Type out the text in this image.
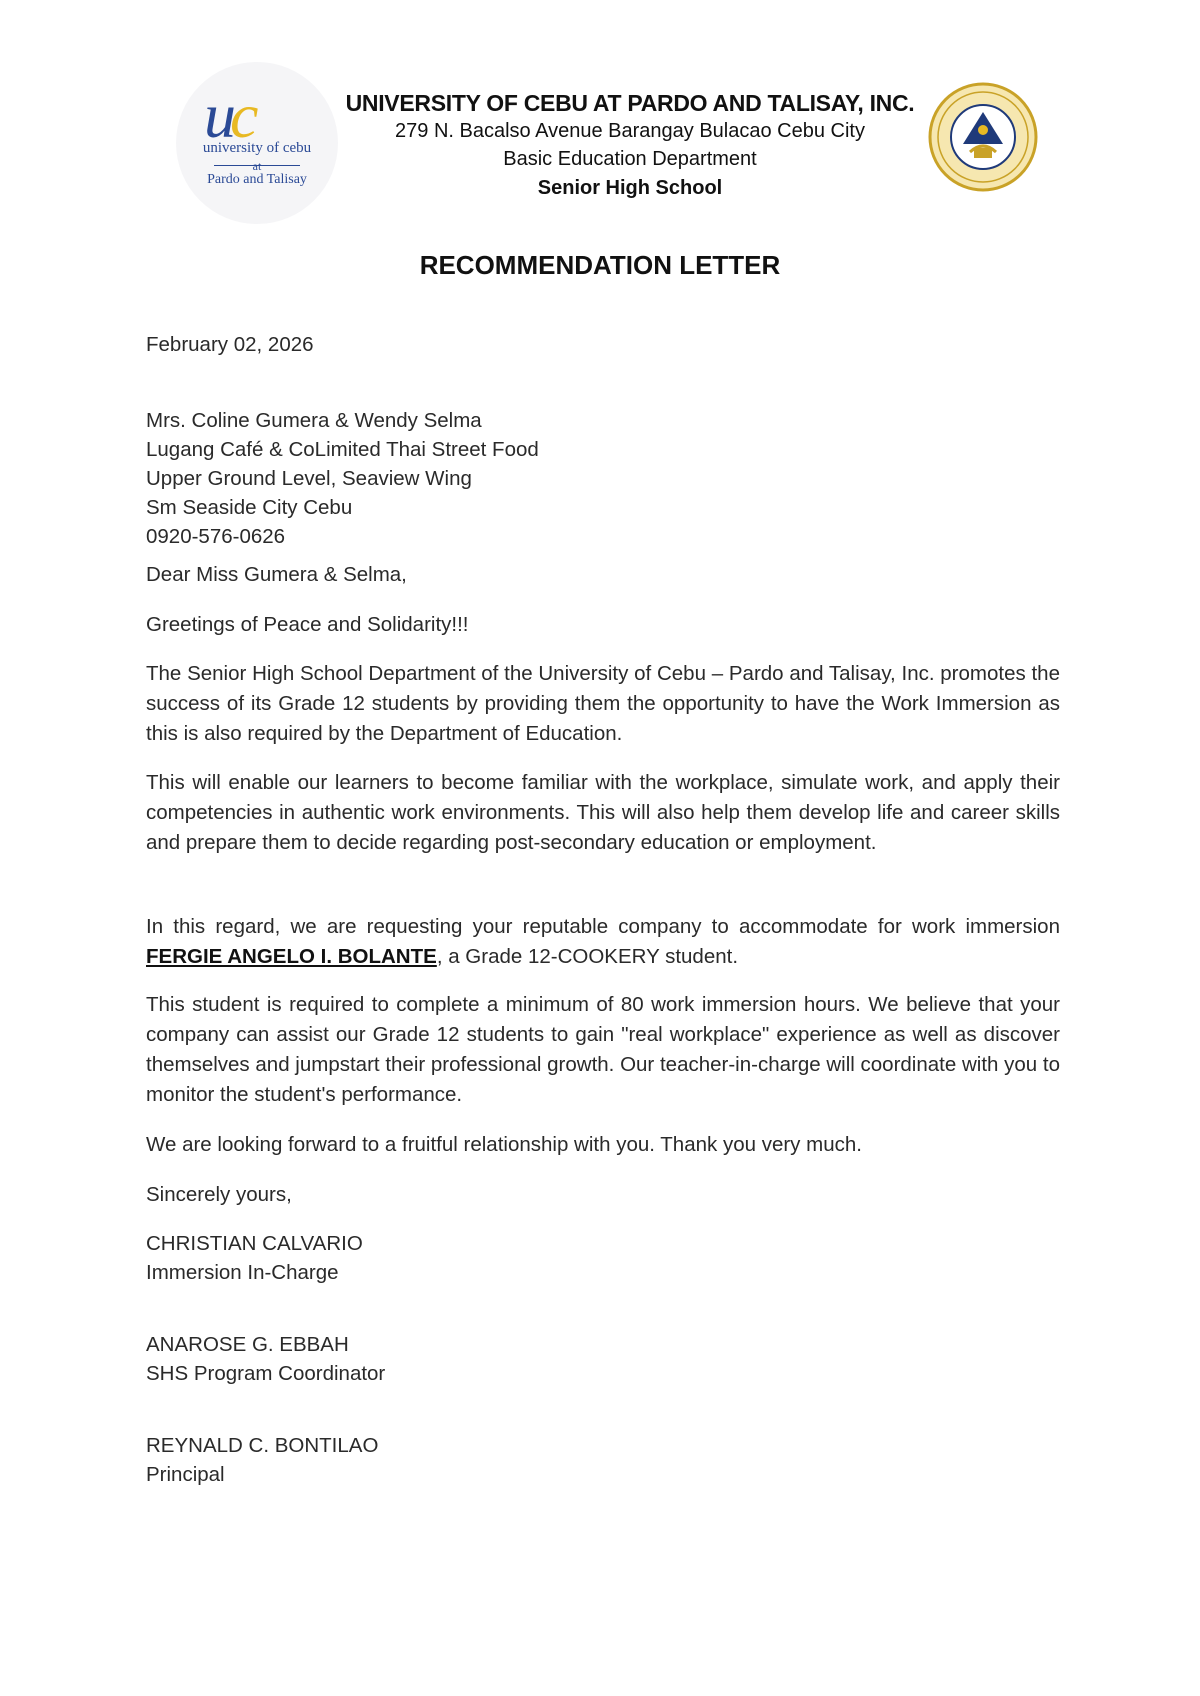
uc
university of cebu
at
Pardo and Talisay
UNIVERSITY OF CEBU AT PARDO AND TALISAY, INC.
279 N. Bacalso Avenue Barangay Bulacao Cebu City
Basic Education Department
Senior High School
RECOMMENDATION LETTER
February 02, 2026
Mrs. Coline Gumera & Wendy Selma
Lugang Café & CoLimited Thai Street Food
Upper Ground Level, Seaview Wing
Sm Seaside City Cebu
0920-576-0626
Dear Miss Gumera & Selma,
Greetings of Peace and Solidarity!!!
The Senior High School Department of the University of Cebu – Pardo and Talisay, Inc. promotes the success of its Grade 12 students by providing them the opportunity to have the Work Immersion as this is also required by the Department of Education.
This will enable our learners to become familiar with the workplace, simulate work, and apply their competencies in authentic work environments. This will also help them develop life and career skills and prepare them to decide regarding post-secondary education or employment.
In this regard, we are requesting your reputable company to accommodate for work immersion FERGIE ANGELO I. BOLANTE, a Grade 12-COOKERY student.
This student is required to complete a minimum of 80 work immersion hours. We believe that your company can assist our Grade 12 students to gain "real workplace" experience as well as discover themselves and jumpstart their professional growth. Our teacher-in-charge will coordinate with you to monitor the student's performance.
We are looking forward to a fruitful relationship with you. Thank you very much.
Sincerely yours,
CHRISTIAN CALVARIO
Immersion In-Charge
ANAROSE G. EBBAH
SHS Program Coordinator
REYNALD C. BONTILAO
Principal
